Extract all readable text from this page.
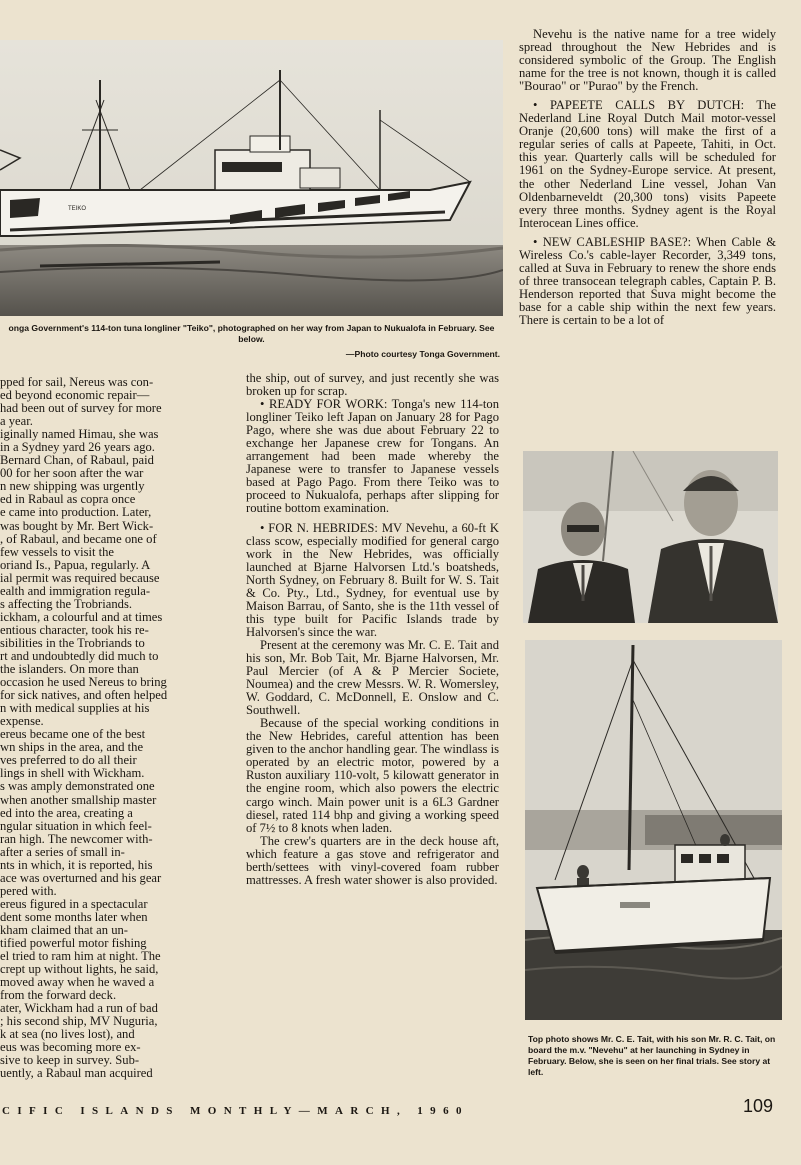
TEIKO
onga Government's 114-ton tuna longliner "Teiko", photographed on her way from Japan to Nukualofa in February. See below.
—Photo courtesy Tonga Government.

pped for sail, Nereus was con-

ed beyond economic repair—

had been out of survey for more

a year.

iginally named Himau, she was

in a Sydney yard 26 years ago.

Bernard Chan, of Rabaul, paid

00 for her soon after the war

n new shipping was urgently

ed in Rabaul as copra once

e came into production. Later,

was bought by Mr. Bert Wick-

, of Rabaul, and became one of

few vessels to visit the

oriand Is., Papua, regularly. A

ial permit was required because

ealth and immigration regula-

s affecting the Trobriands.

ickham, a colourful and at times

entious character, took his re-

sibilities in the Trobriands to

rt and undoubtedly did much to

the islanders. On more than

occasion he used Nereus to bring

for sick natives, and often helped

n with medical supplies at his

expense.

ereus became one of the best

wn ships in the area, and the

ves preferred to do all their

lings in shell with Wickham.

s was amply demonstrated one

when another smallship master

ed into the area, creating a

ngular situation in which feel-

ran high. The newcomer with-

after a series of small in-

nts in which, it is reported, his

ace was overturned and his gear

pered with.

ereus figured in a spectacular

dent some months later when

kham claimed that an un-

tified powerful motor fishing

el tried to ram him at night. The

crept up without lights, he said,

moved away when he waved a

from the forward deck.

ater, Wickham had a run of bad

; his second ship, MV Nuguria,

k at sea (no lives lost), and

eus was becoming more ex-

sive to keep in survey. Sub-

uently, a Rabaul man acquired

the ship, out of survey, and just recently she was broken up for scrap.

• READY FOR WORK: Tonga's new 114-ton longliner Teiko left Japan on January 28 for Pago Pago, where she was due about February 22 to exchange her Japanese crew for Tongans. An arrangement had been made whereby the Japanese were to transfer to Japanese vessels based at Pago Pago. From there Teiko was to proceed to Nukualofa, perhaps after slipping for routine bottom examination.

• FOR N. HEBRIDES: MV Nevehu, a 60-ft K class scow, especially modified for general cargo work in the New Hebrides, was officially launched at Bjarne Halvorsen Ltd.'s boatsheds, North Sydney, on February 8. Built for W. S. Tait & Co. Pty., Ltd., Sydney, for eventual use by Maison Barrau, of Santo, she is the 11th vessel of this type built for Pacific Islands trade by Halvorsen's since the war.

Present at the ceremony was Mr. C. E. Tait and his son, Mr. Bob Tait, Mr. Bjarne Halvorsen, Mr. Paul Mercier (of A & P Mercier Societe, Noumea) and the crew Messrs. W. R. Womersley, W. Goddard, C. McDonnell, E. Onslow and C. Southwell.

Because of the special working conditions in the New Hebrides, careful attention has been given to the anchor handling gear. The windlass is operated by an electric motor, powered by a Ruston auxiliary 110-volt, 5 kilowatt generator in the engine room, which also powers the electric cargo winch. Main power unit is a 6L3 Gardner diesel, rated 114 bhp and giving a working speed of 7½ to 8 knots when laden.

The crew's quarters are in the deck house aft, which feature a gas stove and refrigerator and berth/settees with vinyl-covered foam rubber mattresses. A fresh water shower is also provided.

Nevehu is the native name for a tree widely spread throughout the New Hebrides and is considered symbolic of the Group. The English name for the tree is not known, though it is called "Bourao" or "Purao" by the French.

• PAPEETE CALLS BY DUTCH: The Nederland Line Royal Dutch Mail motor-vessel Oranje (20,600 tons) will make the first of a regular series of calls at Papeete, Tahiti, in Oct. this year. Quarterly calls will be scheduled for 1961 on the Sydney-Europe service. At present, the other Nederland Line vessel, Johan Van Oldenbarneveldt (20,300 tons) visits Papeete every three months. Sydney agent is the Royal Interocean Lines office.

• NEW CABLESHIP BASE?: When Cable & Wireless Co.'s cable-layer Recorder, 3,349 tons, called at Suva in February to renew the shore ends of three transocean telegraph cables, Captain P. B. Henderson reported that Suva might become the base for a cable ship within the next few years. There is certain to be a lot of

Top photo shows Mr. C. E. Tait, with his son Mr. R. C. Tait, on board the m.v. "Nevehu" at her launching in Sydney in February. Below, she is seen on her final trials. See story at left.
CIFIC ISLANDS MONTHLY—MARCH, 1960	109
